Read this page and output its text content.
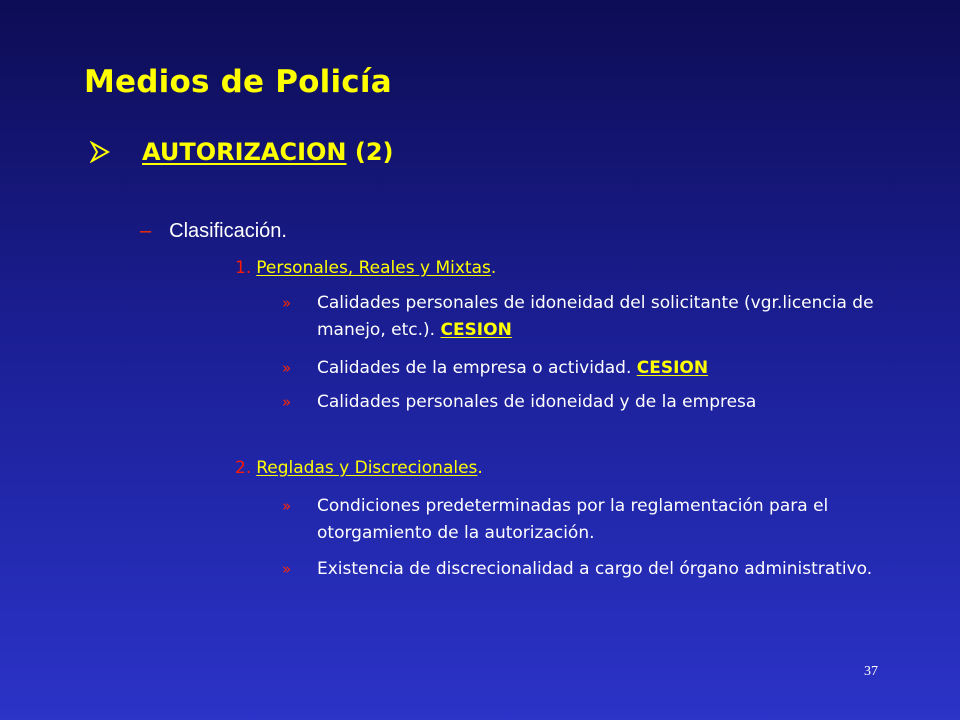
Medios de Policía
AUTORIZACION
(2)
– Clasificación.
1. Personales, Reales y Mixtas.
» Calidades personales de idoneidad del solicitante (vgr.licencia de manejo, etc.). CESION
» Calidades de la empresa o actividad. CESION
» Calidades personales de idoneidad y de la empresa
2. Regladas y Discrecionales.
» Condiciones predeterminadas por la reglamentación para el otorgamiento de la autorización.
» Existencia de discrecionalidad a cargo del órgano administrativo.
37
